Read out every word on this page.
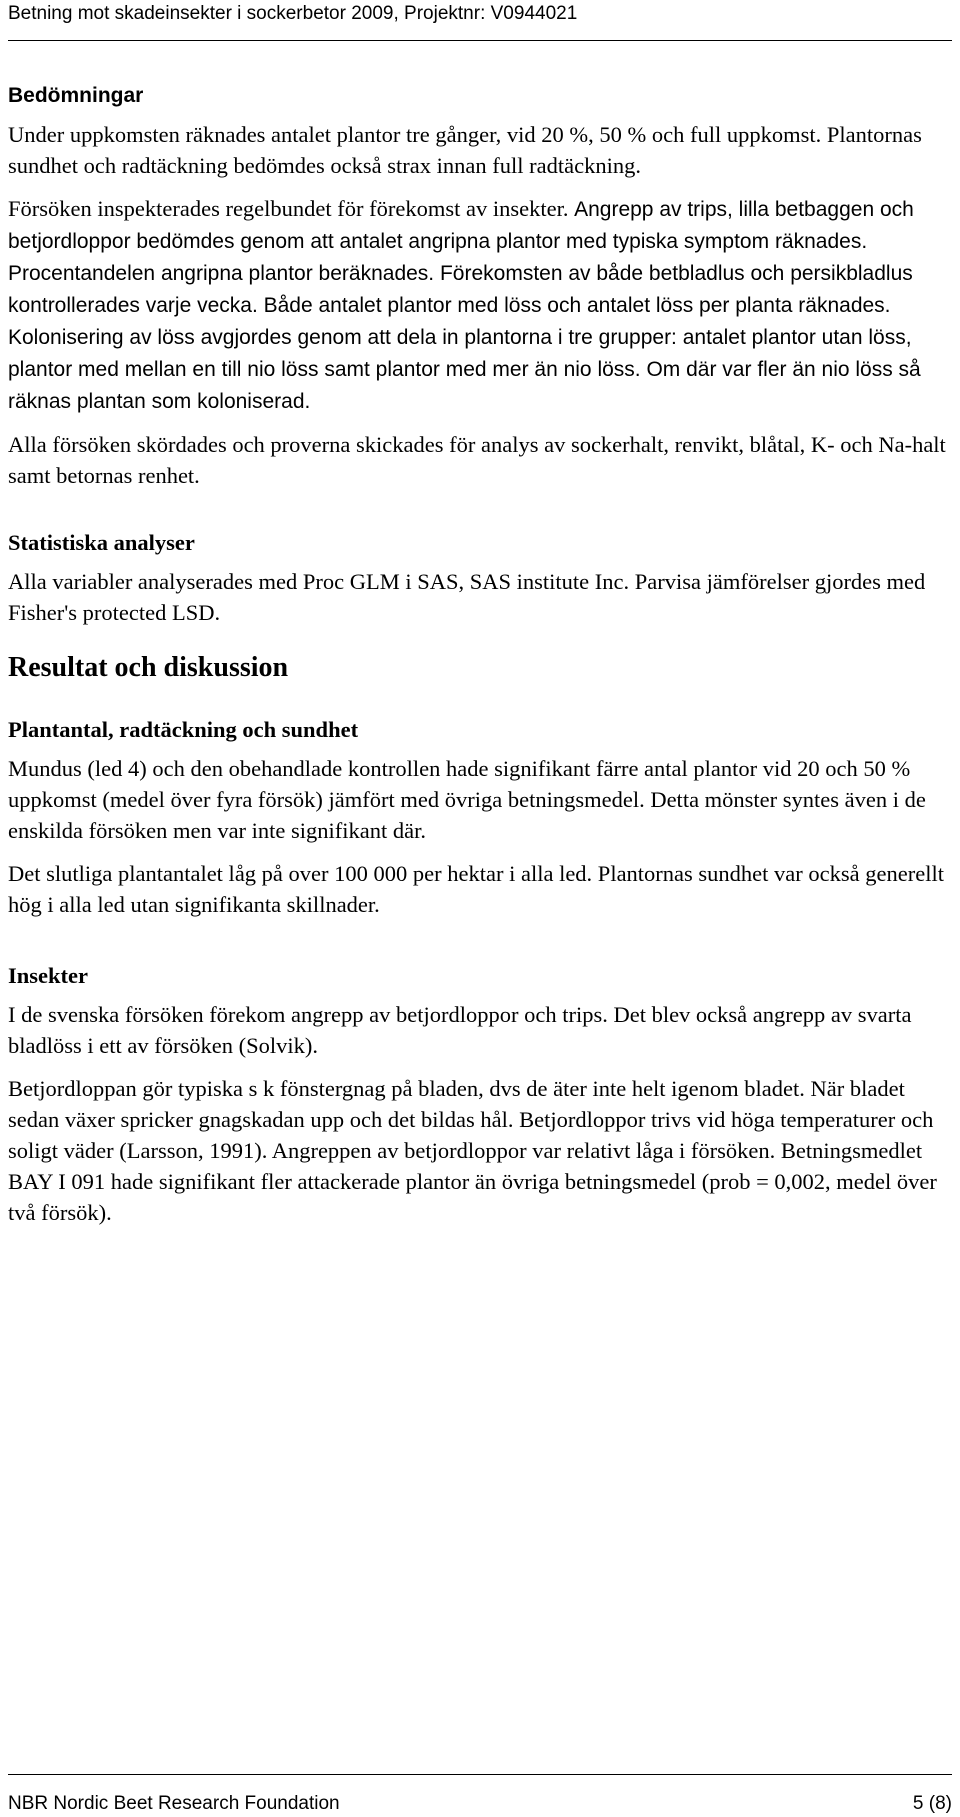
Betning mot skadeinsekter i sockerbetor 2009, Projektnr: V0944021
Bedömningar

Under uppkomsten räknades antalet plantor tre gånger, vid 20 %, 50 % och full uppkomst. Plantornas sundhet och radtäckning bedömdes också strax innan full radtäckning.

Försöken inspekterades regelbundet för förekomst av insekter. Angrepp av trips, lilla betbaggen och betjordloppor bedömdes genom att antalet angripna plantor med typiska symptom räknades. Procentandelen angripna plantor beräknades. Förekomsten av både betbladlus och persikbladlus kontrollerades varje vecka. Både antalet plantor med löss och antalet löss per planta räknades. Kolonisering av löss avgjordes genom att dela in plantorna i tre grupper: antalet plantor utan löss, plantor med mellan en till nio löss samt plantor med mer än nio löss. Om där var fler än nio löss så räknas plantan som koloniserad.

Alla försöken skördades och proverna skickades för analys av sockerhalt, renvikt, blåtal, K- och Na-halt samt betornas renhet.

Statistiska analyser

Alla variabler analyserades med Proc GLM i SAS, SAS institute Inc. Parvisa jämförelser gjordes med Fisher's protected LSD.

Resultat och diskussion
Plantantal, radtäckning och sundhet

Mundus (led 4) och den obehandlade kontrollen hade signifikant färre antal plantor vid 20 och 50 % uppkomst (medel över fyra försök) jämfört med övriga betningsmedel. Detta mönster syntes även i de enskilda försöken men var inte signifikant där.

Det slutliga plantantalet låg på over 100 000 per hektar i alla led. Plantornas sundhet var också generellt hög i alla led utan signifikanta skillnader.

Insekter

I de svenska försöken förekom angrepp av betjordloppor och trips. Det blev också angrepp av svarta bladlöss i ett av försöken (Solvik).

Betjordloppan gör typiska s k fönstergnag på bladen, dvs de äter inte helt igenom bladet. När bladet sedan växer spricker gnagskadan upp och det bildas hål. Betjordloppor trivs vid höga temperaturer och soligt väder (Larsson, 1991). Angreppen av betjordloppor var relativt låga i försöken. Betningsmedlet BAY I 091 hade signifikant fler attackerade plantor än övriga betningsmedel (prob = 0,002, medel över två försök).

NBR Nordic Beet Research Foundation	5 (8)
